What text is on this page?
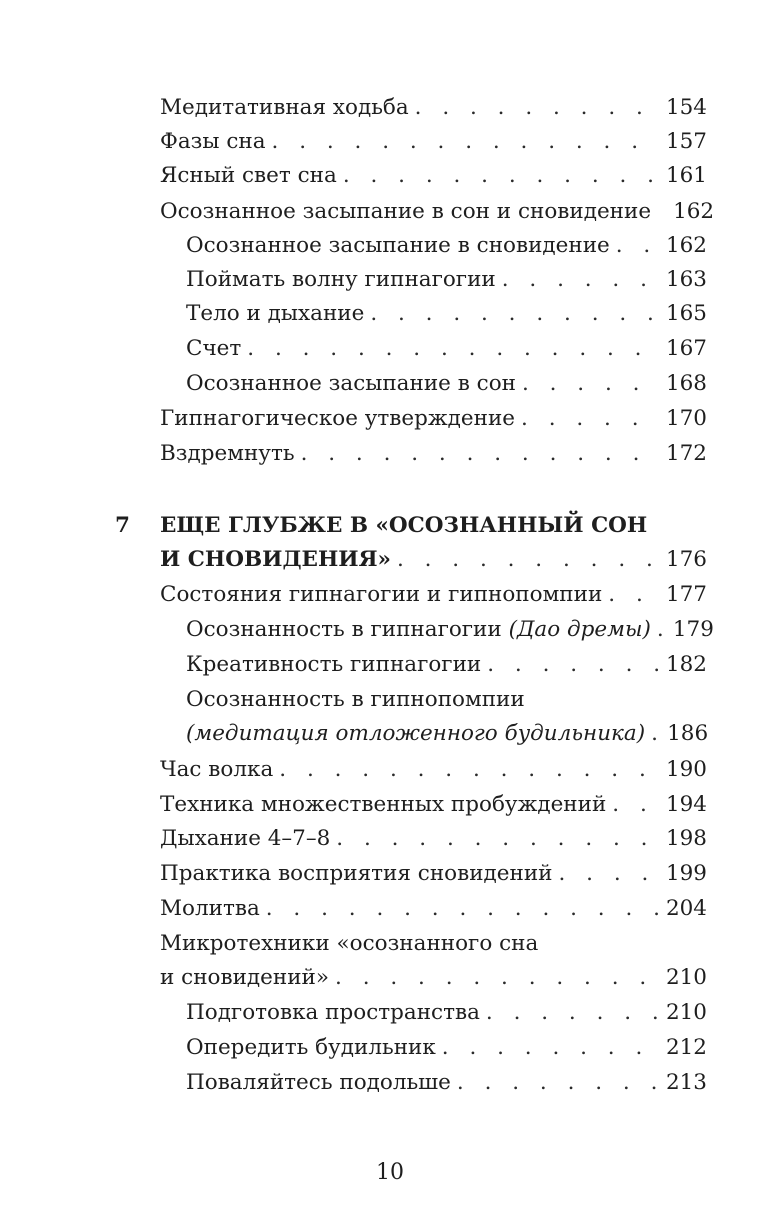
Медитативная ходьба . . .	154
Фазы сна . . .	157
Ясный свет сна . . .	161
Осознанное засыпание в сон и сновидение 162
Осознанное засыпание в сновидение . . .	162
Поймать волну гипнагогии . . .	163
Тело и дыхание . . .	165
Счет . . .	167
Осознанное засыпание в сон . . .	168
Гипнагогическое утверждение . . .	170
Вздремнуть . . .	172
7 ЕЩЕ ГЛУБЖЕ В «ОСОЗНАННЫЙ СОН
И СНОВИДЕНИЯ» . . .	176
Состояния гипнагогии и гипнопомпии . . .	177
Осознанность в гипнагогии (Дао дремы) . . . 179
Креативность гипнагогии . . .	182
Осознанность в гипнопомпии
(медитация отложенного будильника) . . . 186
Час волка . . .	190
Техника множественных пробуждений . . .	194
Дыхание 4–7–8 . . .	198
Практика восприятия сновидений . . .	199
Молитва . . .	204
Микротехники «осознанного сна
и сновидений» . . .	210
Подготовка пространства . . .	210
Опередить будильник . . .	212
Поваляйтесь подольше . . .	213
10
